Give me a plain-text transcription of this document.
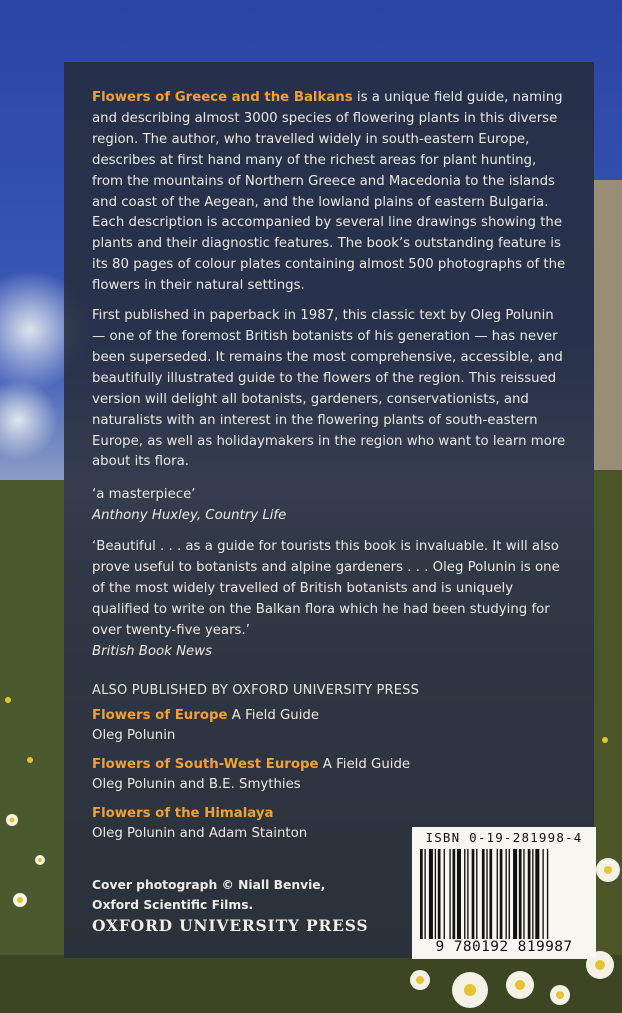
Flowers of Greece and the Balkans is a unique field guide, naming and describing almost 3000 species of flowering plants in this diverse region. The author, who travelled widely in south-eastern Europe, describes at first hand many of the richest areas for plant hunting, from the mountains of Northern Greece and Macedonia to the islands and coast of the Aegean, and the lowland plains of eastern Bulgaria. Each description is accompanied by several line drawings showing the plants and their diagnostic features. The book’s outstanding feature is its 80 pages of colour plates containing almost 500 photographs of the flowers in their natural settings.

First published in paperback in 1987, this classic text by Oleg Polunin — one of the foremost British botanists of his generation — has never been superseded. It remains the most comprehensive, accessible, and beautifully illustrated guide to the flowers of the region. This reissued version will delight all botanists, gardeners, conservationists, and naturalists with an interest in the flowering plants of south-eastern Europe, as well as holidaymakers in the region who want to learn more about its flora.

‘a masterpiece’

Anthony Huxley, Country Life

‘Beautiful . . . as a guide for tourists this book is invaluable. It will also prove useful to botanists and alpine gardeners . . . Oleg Polunin is one of the most widely travelled of British botanists and is uniquely qualified to write on the Balkan flora which he had been studying for over twenty-five years.’

British Book News

ALSO PUBLISHED BY OXFORD UNIVERSITY PRESS

Flowers of Europe A Field Guide

Oleg Polunin

Flowers of South-West Europe A Field Guide

Oleg Polunin and B.E. Smythies

Flowers of the Himalaya

Oleg Polunin and Adam Stainton

Cover photograph © Niall Benvie,
Oxford Scientific Films.
OXFORD UNIVERSITY PRESS
ISBN 0-19-281998-4
9 780192 819987
